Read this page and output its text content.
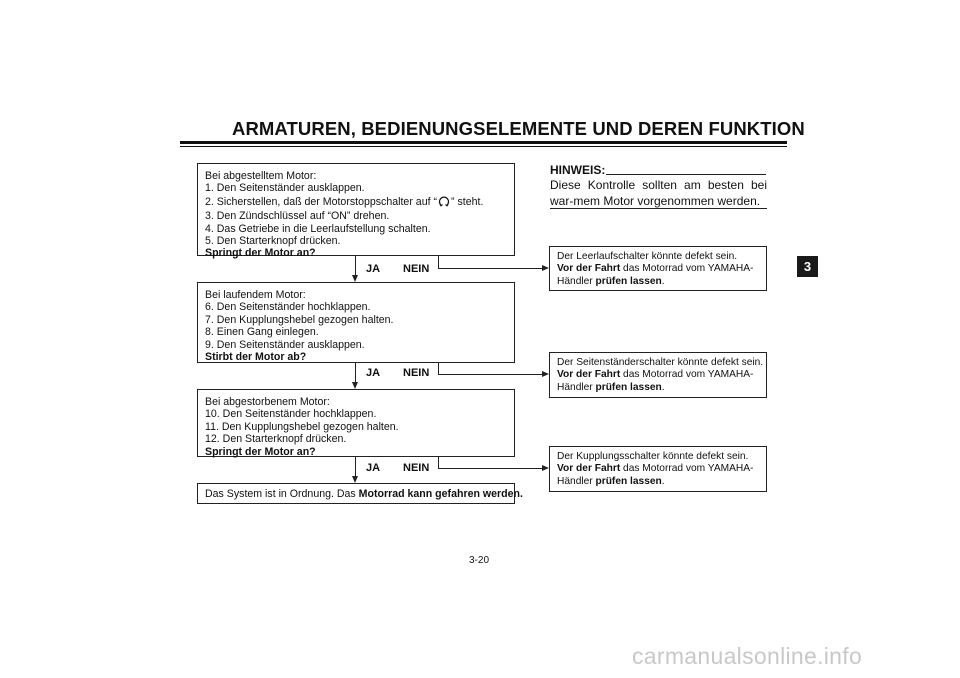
ARMATUREN, BEDIENUNGSELEMENTE UND DEREN FUNKTION
3
Bei abgestelltem Motor:
1. Den Seitenständer ausklappen.
2. Sicherstellen, daß der Motorstoppschalter auf “ ” steht.
3. Den Zündschlüssel auf “ON” drehen.
4. Das Getriebe in die Leerlaufstellung schalten.
5. Den Starterknopf drücken.
Springt der Motor an?
JA NEIN
Bei laufendem Motor:
6. Den Seitenständer hochklappen.
7. Den Kupplungshebel gezogen halten.
8. Einen Gang einlegen.
9. Den Seitenständer ausklappen.
Stirbt der Motor ab?
JA NEIN
Bei abgestorbenem Motor:
10. Den Seitenständer hochklappen.
11. Den Kupplungshebel gezogen halten.
12. Den Starterknopf drücken.
Springt der Motor an?
JA NEIN
Das System ist in Ordnung. Das Motorrad kann gefahren werden.
HINWEIS:
Diese Kontrolle sollten am besten bei war-mem Motor vorgenommen werden.
Der Leerlaufschalter könnte defekt sein.
Vor der Fahrt das Motorrad vom YAMAHA-
Händler prüfen lassen.
Der Seitenständerschalter könnte defekt sein.
Vor der Fahrt das Motorrad vom YAMAHA-
Händler prüfen lassen.
Der Kupplungsschalter könnte defekt sein.
Vor der Fahrt das Motorrad vom YAMAHA-
Händler prüfen lassen.
3-20
carmanualsonline.info
